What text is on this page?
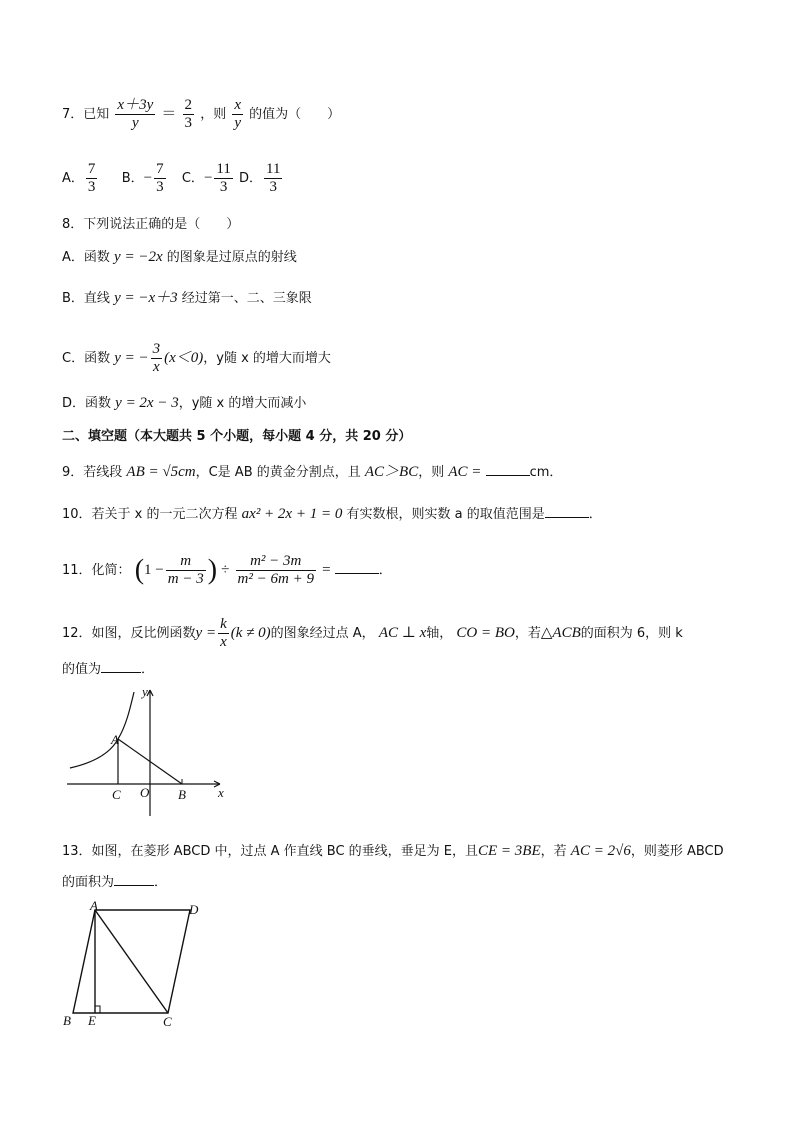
7．已知 $\frac{x+3y}{y} = \frac{2}{3}$ ，则 $\frac{x}{y}$ 的值为（　　）
A． $\frac{7}{3}$ B．− $\frac{7}{3}$ C．− $\frac{11}{3}$ D． $\frac{11}{3}$
8．下列说法正确的是（　　）
A．函数 y = −2x 的图象是过原点的射线
B．直线 y = −x＋3 经过第一、二、三象限
C．函数 y = − $\frac{3}{x} (x<0)$，y随 x 的增大而增大
D．函数 y = 2x − 3，y随 x 的增大而减小
二、填空题（本大题共 5 个小题，每小题 4 分，共 20 分）
9．若线段 AB = √5cm，C是 AB 的黄金分割点，且 AC＞BC，则 AC =	cm．
10．若关于 x 的一元二次方程 ax² + 2x + 1 = 0 有实数根，则实数 a 的取值范围是	．
11．化简： ($1 - \frac{m}{m - 3}$ ) ÷ $\frac{\text{m² − 3m}}{\text{m² − 6m + 9}}$ =	．
12．如图，反比例函数$y = \frac{k}{x} (k \ne 0)$的图象经过点 A， AC ⊥ x轴， CO = BO，若△ACB的面积为 6，则 k
的值为	．
y
A
C O B x
13．如图，在菱形 ABCD 中，过点 A 作直线 BC 的垂线，垂足为 E，且CE = 3BE，若 AC = 2√6，则菱形 ABCD
的面积为	．
A	D
B E	C
